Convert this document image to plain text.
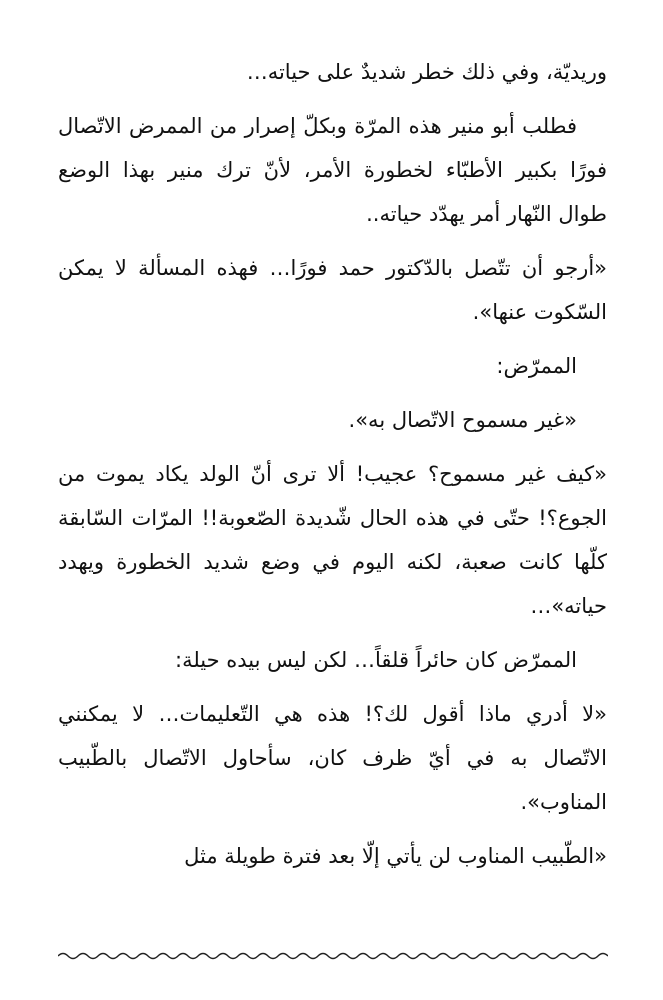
وريديّة، وفي ذلك خطر شديدٌ على حياته…

فطلب أبو منير هذه المرّة وبكلّ إصرار من الممرض الاتّصال فورًا بكبير الأطبّاء لخطورة الأمر، لأنّ ترك منير بهذا الوضع طوال النّهار أمر يهدّد حياته..

«أرجو أن تتّصل بالدّكتور حمد فورًا… فهذه المسألة لا يمكن السّكوت عنها».

الممرّض:

«غير مسموح الاتّصال به».

«كيف غير مسموح؟ عجيب! ألا ترى أنّ الولد يكاد يموت من الجوع؟! حتّى في هذه الحال شّديدة الصّعوبة!! المرّات السّابقة كلّها كانت صعبة، لكنه اليوم في وضع شديد الخطورة ويهدد حياته»…

الممرّض كان حائراً قلقاً… لكن ليس بيده حيلة:

«لا أدري ماذا أقول لك؟! هذه هي التّعليمات… لا يمكنني الاتّصال به في أيّ ظرف كان، سأحاول الاتّصال بالطّبيب المناوب».

«الطّبيب المناوب لن يأتي إلّا بعد فترة طويلة مثل
